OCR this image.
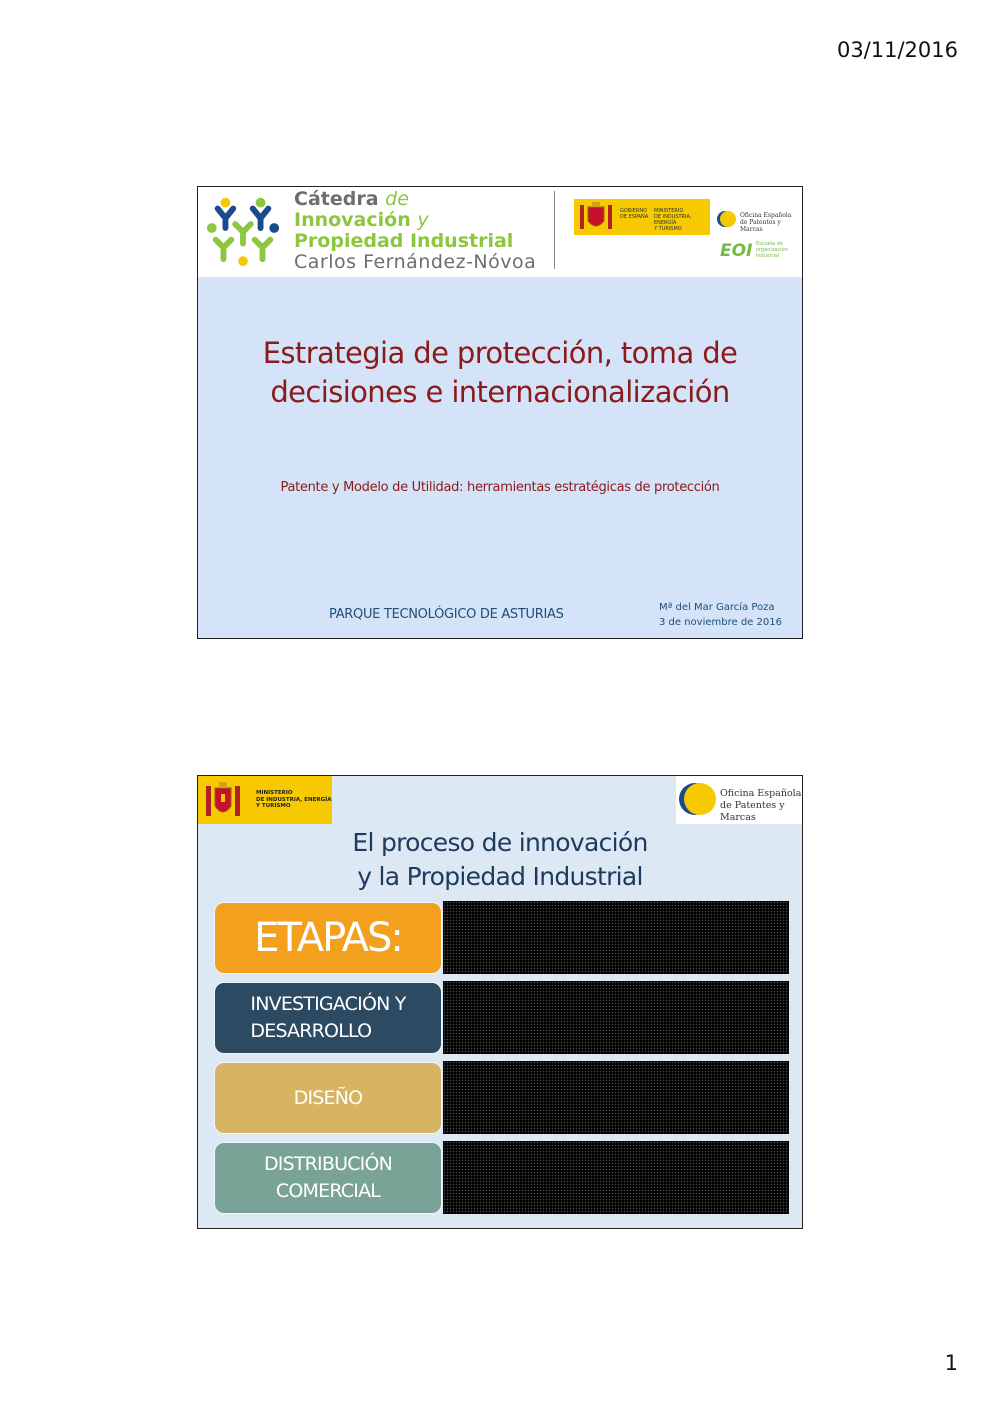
03/11/2016
Cátedra de
Innovación y
Propiedad Industrial
Carlos Fernández-Nóvoa
GOBIERNO
DE ESPAÑA
MINISTERIO
DE INDUSTRIA, ENERGÍA
Y TURISMO
Oficina Española
de Patentes y Marcas
EOI Escuela de
organización
industrial
Estrategia de protección, toma de
decisiones e internacionalización
Patente y Modelo de Utilidad: herramientas estratégicas de protección
PARQUE TECNOLÓGICO DE ASTURIAS	Mª del Mar García Poza
3 de noviembre de 2016
MINISTERIO
DE INDUSTRIA, ENERGÍA
Y TURISMO
Oficina Española
de Patentes y Marcas
El proceso de innovación
y la Propiedad Industrial
ETAPAS:
INVESTIGACIÓN Y
DESARROLLO
DISEÑO
DISTRIBUCIÓN
COMERCIAL
1
